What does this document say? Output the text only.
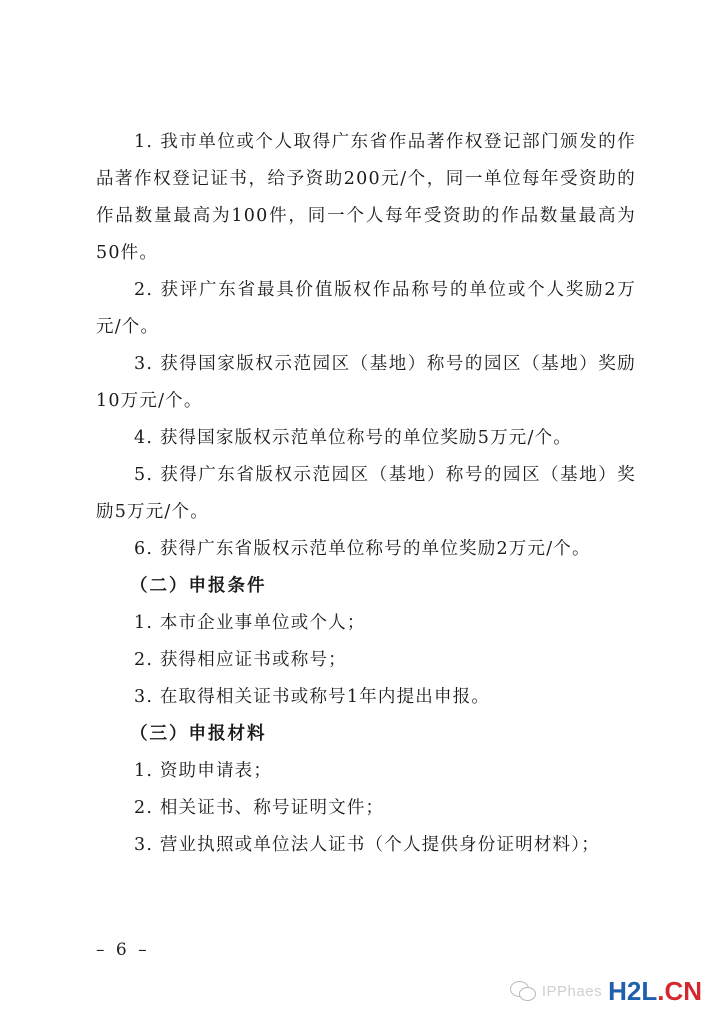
1. 我市单位或个人取得广东省作品著作权登记部门颁发的作品著作权登记证书，给予资助200元/个，同一单位每年受资助的作品数量最高为100件，同一个人每年受资助的作品数量最高为50件。

2. 获评广东省最具价值版权作品称号的单位或个人奖励2万元/个。

3. 获得国家版权示范园区（基地）称号的园区（基地）奖励10万元/个。

4. 获得国家版权示范单位称号的单位奖励5万元/个。

5. 获得广东省版权示范园区（基地）称号的园区（基地）奖励5万元/个。

6. 获得广东省版权示范单位称号的单位奖励2万元/个。

（二）申报条件

1. 本市企业事单位或个人；

2. 获得相应证书或称号；

3. 在取得相关证书或称号1年内提出申报。

（三）申报材料

1. 资助申请表；

2. 相关证书、称号证明文件；

3. 营业执照或单位法人证书（个人提供身份证明材料）；

– 6 –
IPPhaes H2L.CN
